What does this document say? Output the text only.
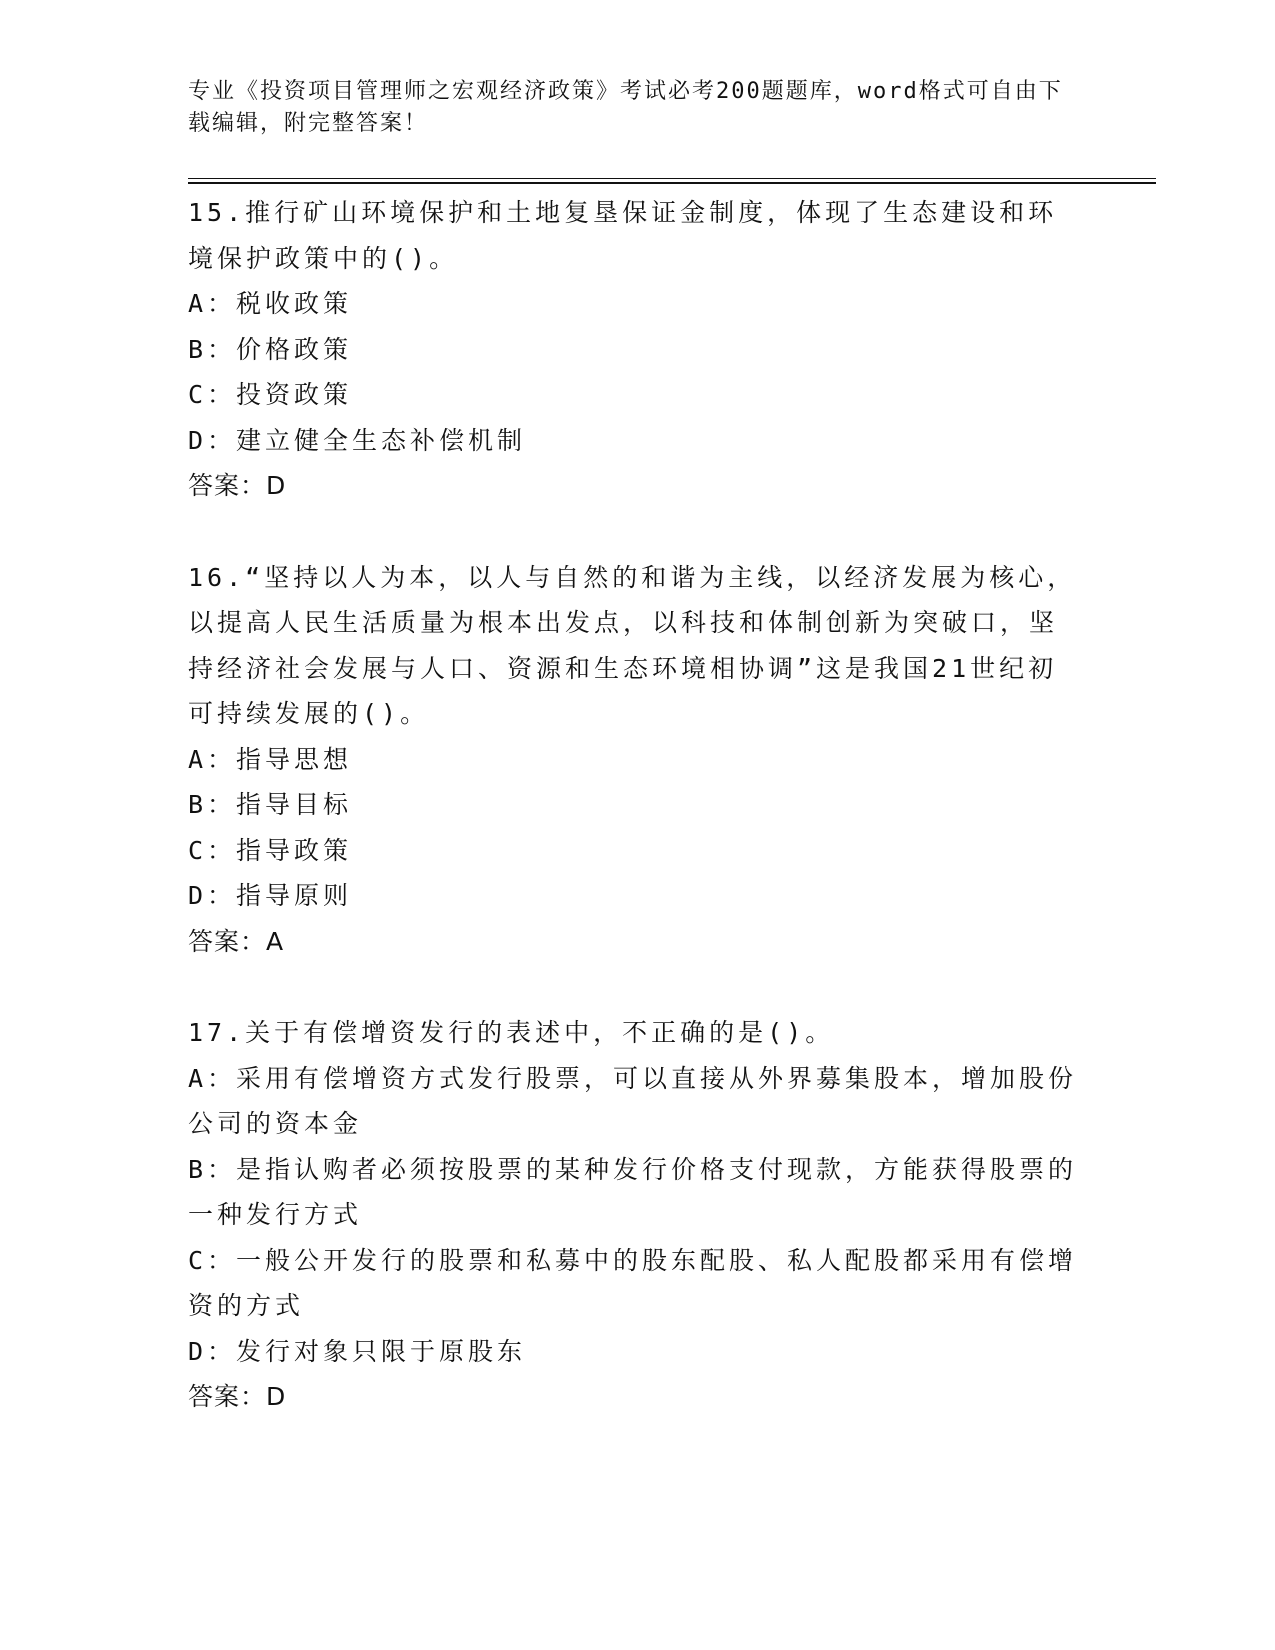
专业《投资项目管理师之宏观经济政策》考试必考200题题库，word格式可自由下载编辑，附完整答案！
15.推行矿山环境保护和土地复垦保证金制度，体现了生态建设和环境保护政策中的()。
A：税收政策
B：价格政策
C：投资政策
D：建立健全生态补偿机制
答案：D
16.“坚持以人为本，以人与自然的和谐为主线，以经济发展为核心，以提高人民生活质量为根本出发点，以科技和体制创新为突破口，坚持经济社会发展与人口、资源和生态环境相协调”这是我国21世纪初可持续发展的()。
A：指导思想
B：指导目标
C：指导政策
D：指导原则
答案：A
17.关于有偿增资发行的表述中，不正确的是()。
A：采用有偿增资方式发行股票，可以直接从外界募集股本，增加股份公司的资本金
B：是指认购者必须按股票的某种发行价格支付现款，方能获得股票的一种发行方式
C：一般公开发行的股票和私募中的股东配股、私人配股都采用有偿增资的方式
D：发行对象只限于原股东
答案：D
